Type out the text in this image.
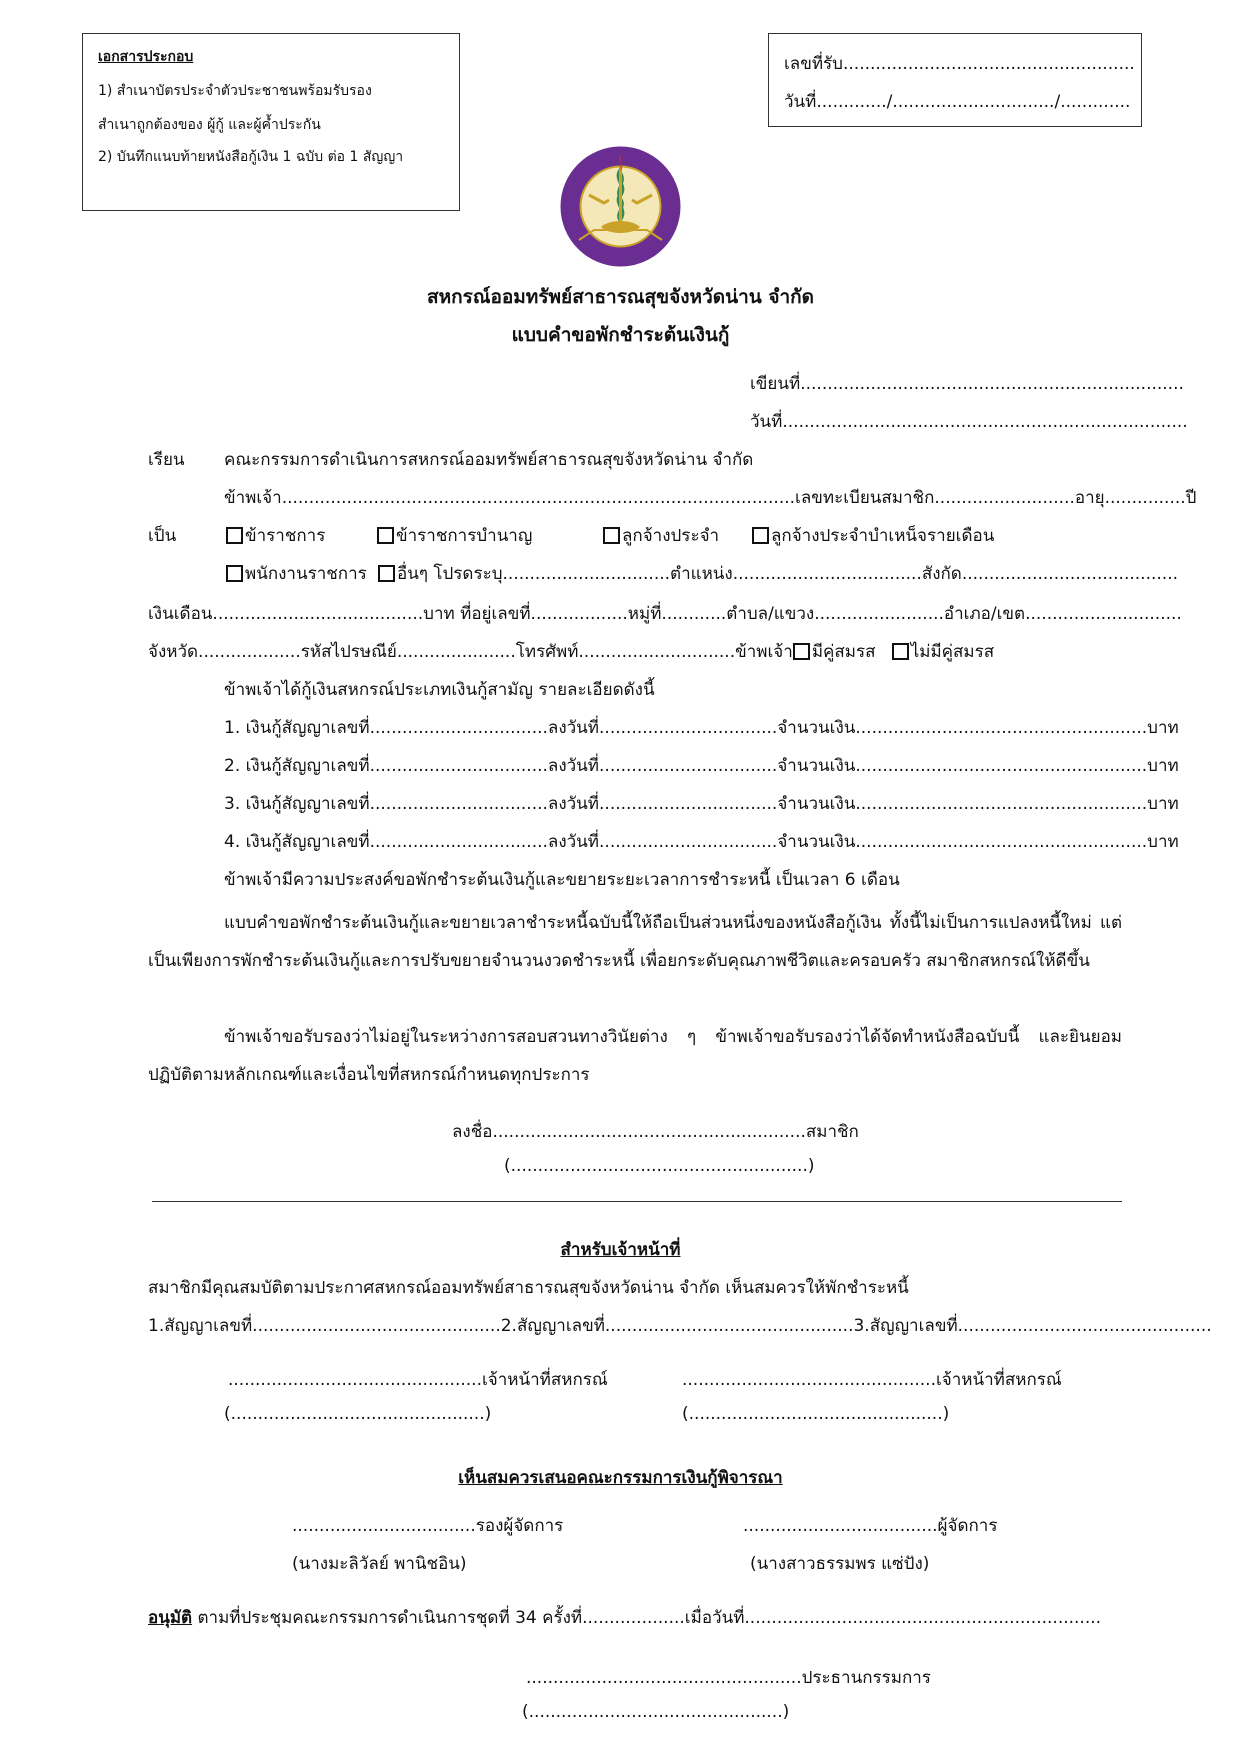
เอกสารประกอบ
1) สำเนาบัตรประจำตัวประชาชนพร้อมรับรอง
สำเนาถูกต้องของ ผู้กู้ และผู้ค้ำประกัน
2) บันทึกแนบท้ายหนังสือกู้เงิน 1 ฉบับ ต่อ 1 สัญญา
เลขที่รับ......................................................
วันที่............./............................../.............
สหกรณ์ออมทรัพย์สาธารณสุขจังหวัดน่าน จำกัด
แบบคำขอพักชำระต้นเงินกู้
เขียนที่.......................................................................
วันที่...........................................................................
เรียน คณะกรรมการดำเนินการสหกรณ์ออมทรัพย์สาธารณสุขจังหวัดน่าน จำกัด
ข้าพเจ้า...............................................................................................เลขทะเบียนสมาชิก..........................อายุ...............ปี
เป็น	ข้าราชการ	ข้าราชการบำนาญ	ลูกจ้างประจำ	ลูกจ้างประจำบำเหน็จรายเดือน
พนักงานราชการ	อื่นๆ โปรดระบุ...............................ตำแหน่ง...................................สังกัด........................................
เงินเดือน.......................................บาท ที่อยู่เลขที่..................หมู่ที่............ตำบล/แขวง........................อำเภอ/เขต.............................
จังหวัด...................รหัสไปรษณีย์......................โทรศัพท์.............................ข้าพเจ้า มีคู่สมรส ไม่มีคู่สมรส
ข้าพเจ้าได้กู้เงินสหกรณ์ประเภทเงินกู้สามัญ รายละเอียดดังนี้
1. เงินกู้สัญญาเลขที่.................................ลงวันที่.................................จำนวนเงิน......................................................บาท
2. เงินกู้สัญญาเลขที่.................................ลงวันที่.................................จำนวนเงิน......................................................บาท
3. เงินกู้สัญญาเลขที่.................................ลงวันที่.................................จำนวนเงิน......................................................บาท
4. เงินกู้สัญญาเลขที่.................................ลงวันที่.................................จำนวนเงิน......................................................บาท
ข้าพเจ้ามีความประสงค์ขอพักชำระต้นเงินกู้และขยายระยะเวลาการชำระหนี้ เป็นเวลา 6 เดือน
แบบคำขอพักชำระต้นเงินกู้และขยายเวลาชำระหนี้ฉบับนี้ให้ถือเป็นส่วนหนึ่งของหนังสือกู้เงิน ทั้งนี้ไม่เป็นการแปลงหนี้ใหม่ แต่เป็นเพียงการพักชำระต้นเงินกู้และการปรับขยายจำนวนงวดชำระหนี้ เพื่อยกระดับคุณภาพชีวิตและครอบครัว สมาชิกสหกรณ์ให้ดีขึ้น
ข้าพเจ้าขอรับรองว่าไม่อยู่ในระหว่างการสอบสวนทางวินัยต่าง ๆ ข้าพเจ้าขอรับรองว่าได้จัดทำหนังสือฉบับนี้ และยินยอมปฏิบัติตามหลักเกณฑ์และเงื่อนไขที่สหกรณ์กำหนดทุกประการ
ลงชื่อ..........................................................สมาชิก
(.......................................................)
สำหรับเจ้าหน้าที่
สมาชิกมีคุณสมบัติตามประกาศสหกรณ์ออมทรัพย์สาธารณสุขจังหวัดน่าน จำกัด เห็นสมควรให้พักชำระหนี้
1.สัญญาเลขที่..............................................2.สัญญาเลขที่..............................................3.สัญญาเลขที่...............................................
...............................................เจ้าหน้าที่สหกรณ์
(...............................................)
...............................................เจ้าหน้าที่สหกรณ์
(...............................................)
เห็นสมควรเสนอคณะกรรมการเงินกู้พิจารณา
..................................รองผู้จัดการ
(นางมะลิวัลย์ พานิชอิน)
....................................ผู้จัดการ
(นางสาวธรรมพร แซ่ปัง)
อนุมัติ ตามที่ประชุมคณะกรรมการดำเนินการชุดที่ 34 ครั้งที่...................เมื่อวันที่..................................................................
...................................................ประธานกรรมการ
(...............................................)
